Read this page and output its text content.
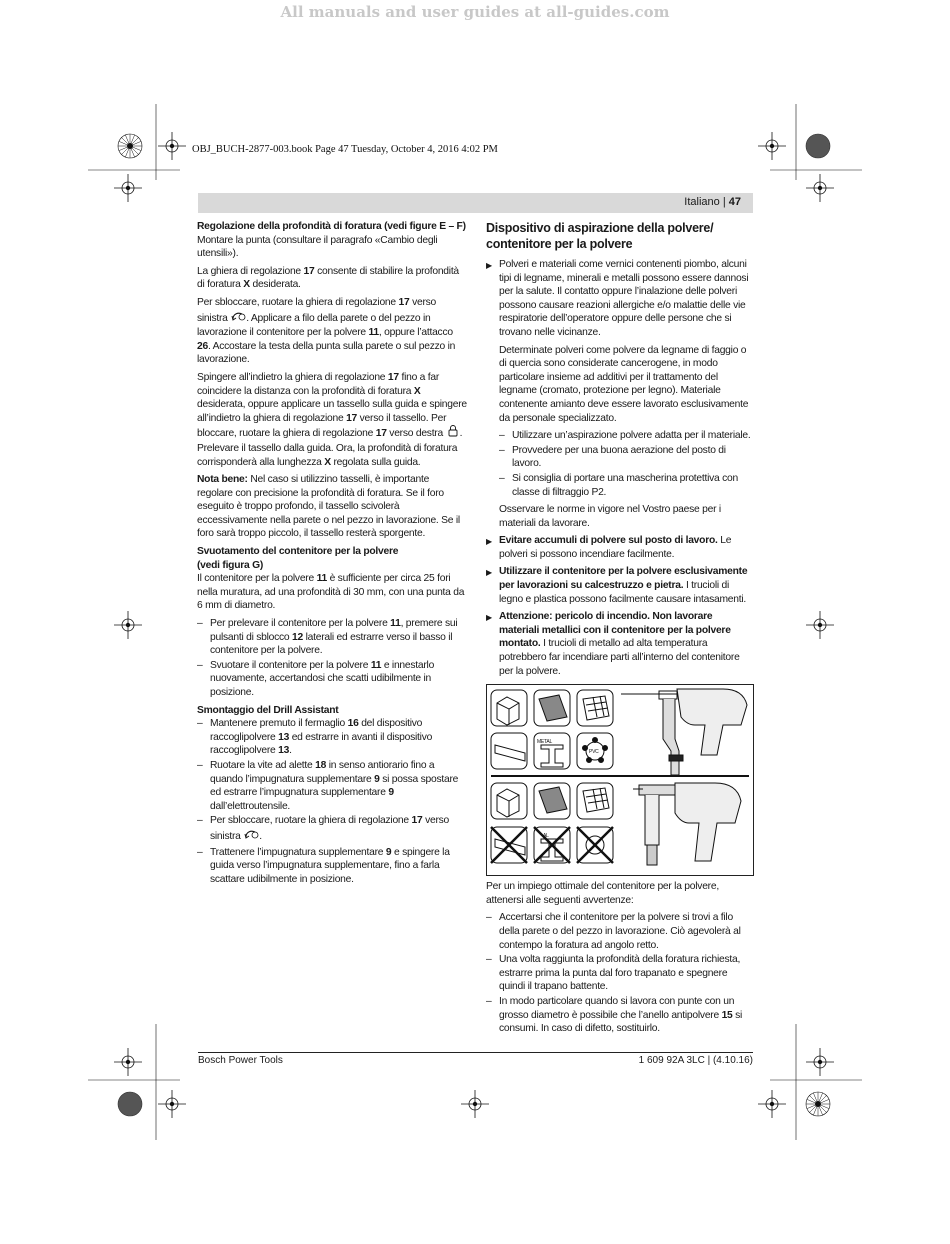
All manuals and user guides at all-guides.com
OBJ_BUCH-2877-003.book Page 47 Tuesday, October 4, 2016 4:02 PM
Italiano | 47
Regolazione della profondità di foratura (vedi figure E – F)

Montare la punta (consultare il paragrafo «Cambio degli utensili»).

La ghiera di regolazione 17 consente di stabilire la profondità di foratura X desiderata.

Per sbloccare, ruotare la ghiera di regolazione 17 verso sinistra . Applicare a filo della parete o del pezzo in lavorazione il contenitore per la polvere 11, oppure l’attacco 26. Accostare la testa della punta sulla parete o sul pezzo in lavorazione.

Spingere all’indietro la ghiera di regolazione 17 fino a far coincidere la distanza con la profondità di foratura X desiderata, oppure applicare un tassello sulla guida e spingere all’indietro la ghiera di regolazione 17 verso il tassello. Per bloccare, ruotare la ghiera di regolazione 17 verso destra . Prelevare il tassello dalla guida. Ora, la profondità di foratura corrisponderà alla lunghezza X regolata sulla guida.

Nota bene: Nel caso si utilizzino tasselli, è importante regolare con precisione la profondità di foratura. Se il foro eseguito è troppo profondo, il tassello scivolerà eccessivamente nella parete o nel pezzo in lavorazione. Se il foro sarà troppo piccolo, il tassello resterà sporgente.

Svuotamento del contenitore per la polvere
(vedi figura G)

Il contenitore per la polvere 11 è sufficiente per circa 25 fori nella muratura, ad una profondità di 30 mm, con una punta da 6 mm di diametro.

– Per prelevare il contenitore per la polvere 11, premere sui pulsanti di sblocco 12 laterali ed estrarre verso il basso il contenitore per la polvere.
– Svuotare il contenitore per la polvere 11 e innestarlo nuovamente, accertandosi che scatti udibilmente in posizione.
Smontaggio del Drill Assistant
– Mantenere premuto il fermaglio 16 del dispositivo raccoglipolvere 13 ed estrarre in avanti il dispositivo raccoglipolvere 13.
– Ruotare la vite ad alette 18 in senso antiorario fino a quando l’impugnatura supplementare 9 si possa spostare ed estrarre l’impugnatura supplementare 9 dall’elettroutensile.
– Per sbloccare, ruotare la ghiera di regolazione 17 verso sinistra .
– Trattenere l’impugnatura supplementare 9 e spingere la guida verso l’impugnatura supplementare, fino a farla scattare udibilmente in posizione.
Dispositivo di aspirazione della polvere/ contenitore per la polvere

▶ Polveri e materiali come vernici contenenti piombo, alcuni tipi di legname, minerali e metalli possono essere dannosi per la salute. Il contatto oppure l’inalazione delle polveri possono causare reazioni allergiche e/o malattie delle vie respiratorie dell’operatore oppure delle persone che si trovano nelle vicinanze.

Determinate polveri come polvere da legname di faggio o di quercia sono considerate cancerogene, in modo particolare insieme ad additivi per il trattamento del legname (cromato, protezione per legno). Materiale contenente amianto deve essere lavorato esclusivamente da personale specializzato.

– Utilizzare un’aspirazione polvere adatta per il materiale.
– Provvedere per una buona aerazione del posto di lavoro.
– Si consiglia di portare una mascherina protettiva con classe di filtraggio P2.

Osservare le norme in vigore nel Vostro paese per i materiali da lavorare.

▶ Evitare accumuli di polvere sul posto di lavoro. Le polveri si possono incendiare facilmente.
▶ Utilizzare il contenitore per la polvere esclusivamente per lavorazioni su calcestruzzo e pietra. I trucioli di legno e plastica possono facilmente causare intasamenti.
▶ Attenzione: pericolo di incendio. Non lavorare materiali metallici con il contenitore per la polvere montato. I trucioli di metallo ad alta temperatura potrebbero far incendiare parti all’interno del contenitore per la polvere.
METAL
PVC
AL

Per un impiego ottimale del contenitore per la polvere, attenersi alle seguenti avvertenze:

– Accertarsi che il contenitore per la polvere si trovi a filo della parete o del pezzo in lavorazione. Ciò agevolerà al contempo la foratura ad angolo retto.
– Una volta raggiunta la profondità della foratura richiesta, estrarre prima la punta dal foro trapanato e spegnere quindi il trapano battente.
– In modo particolare quando si lavora con punte con un grosso diametro è possibile che l’anello antipolvere 15 si consumi. In caso di difetto, sostituirlo.
Bosch Power Tools	1 609 92A 3LC | (4.10.16)
